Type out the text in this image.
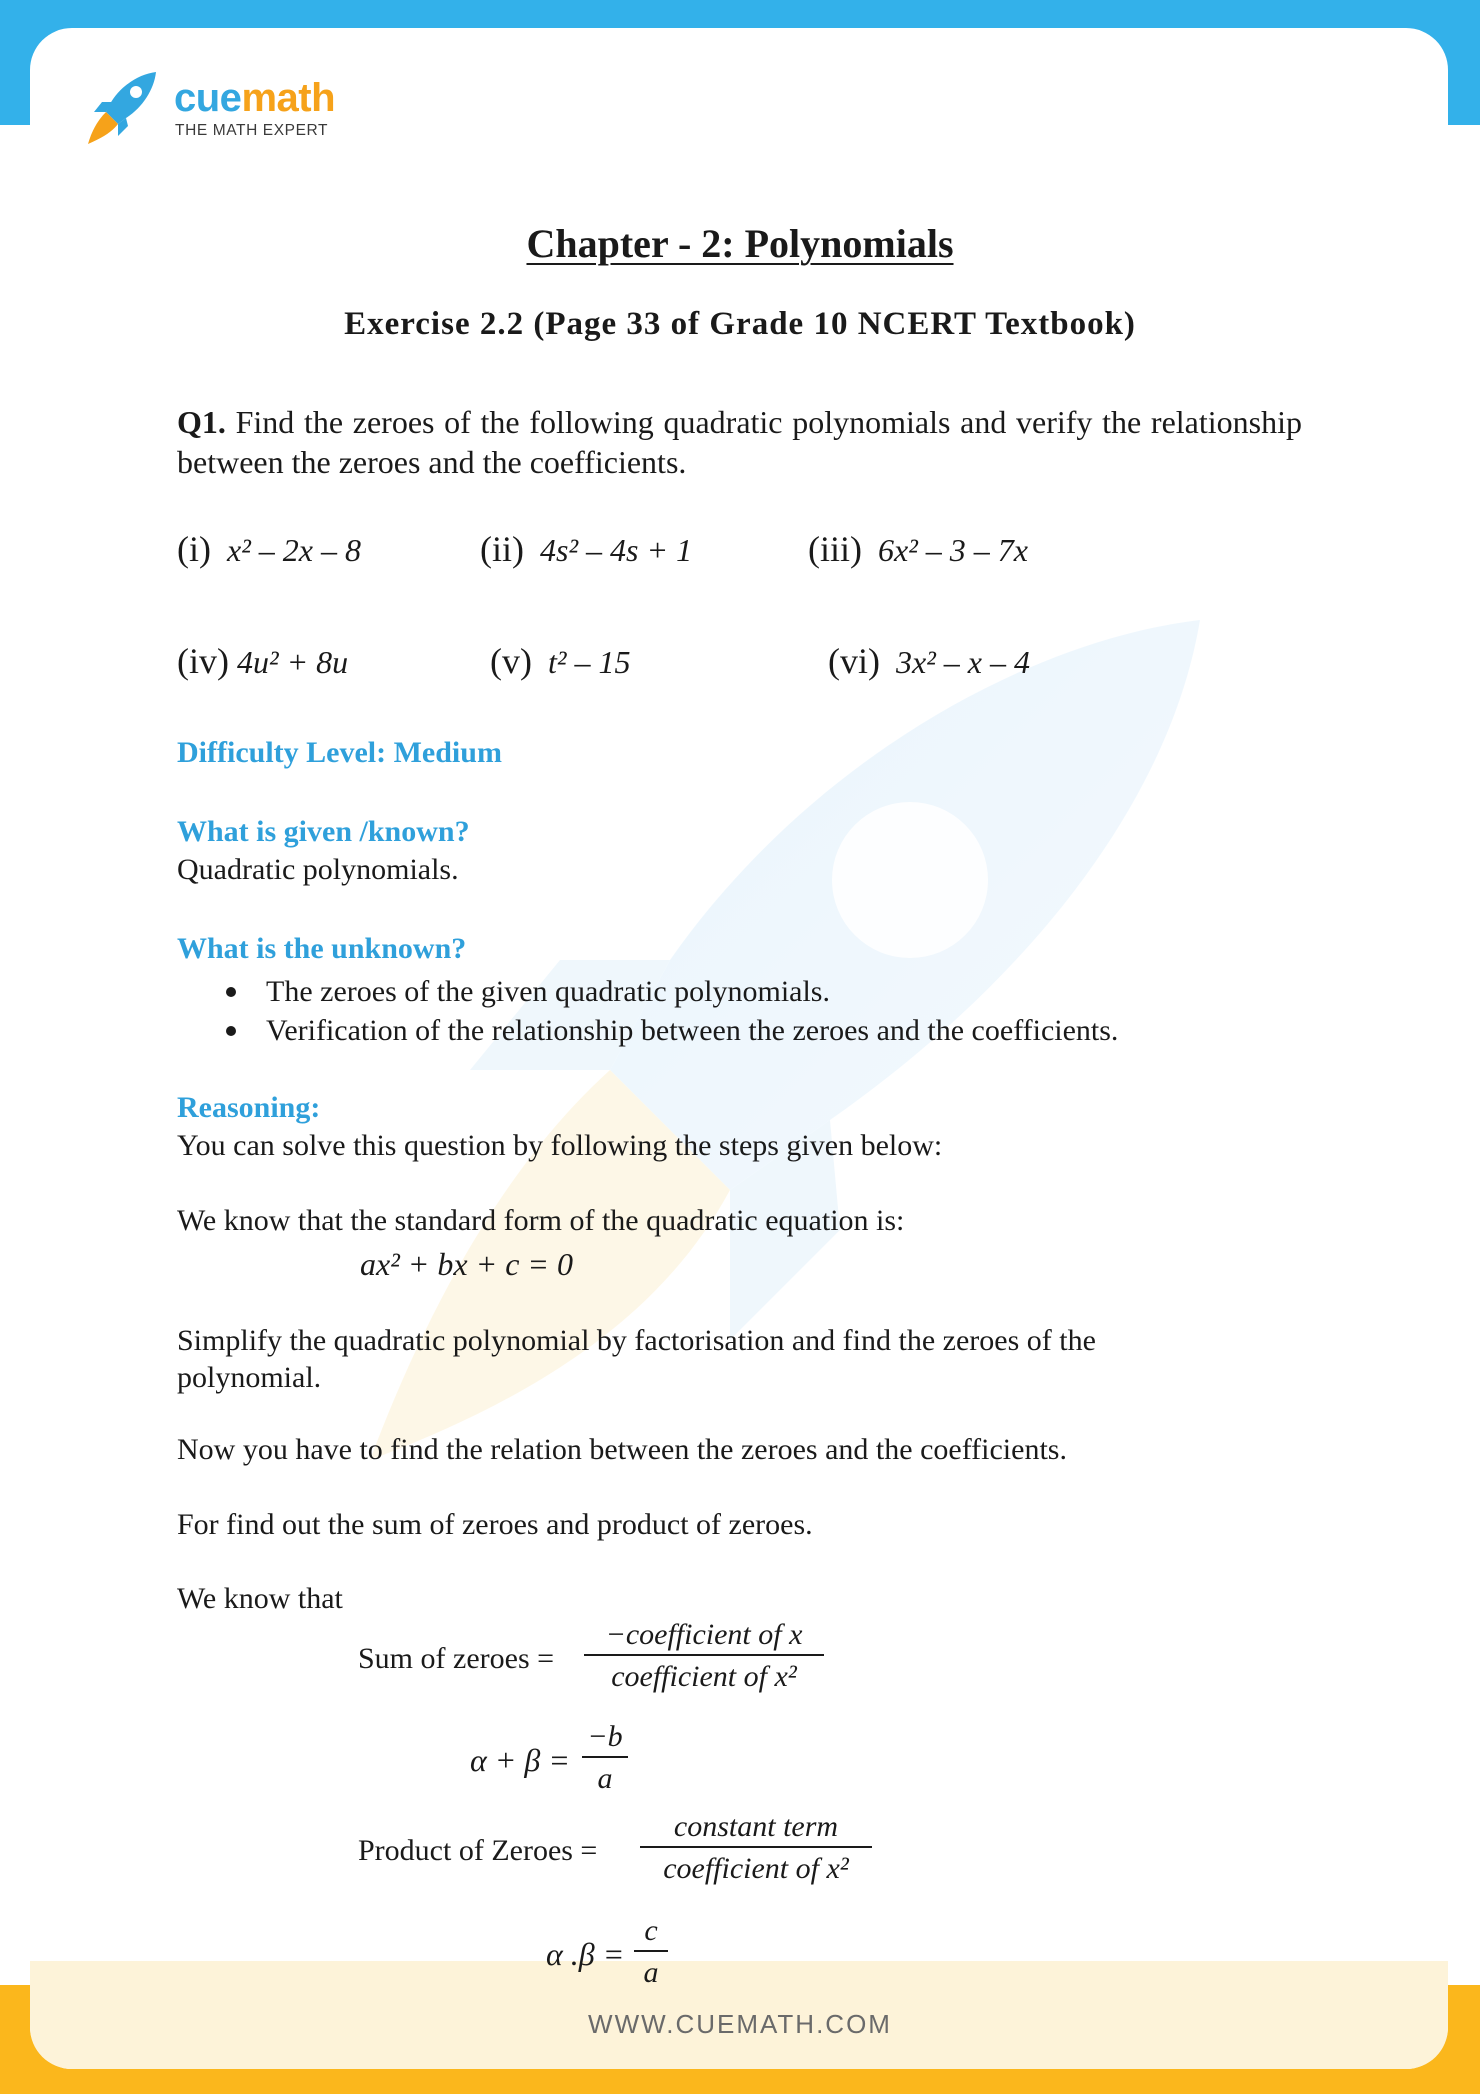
cuemath
THE MATH EXPERT
Chapter - 2: Polynomials
Exercise 2.2 (Page 33 of Grade 10 NCERT Textbook)
Q1. Find the zeroes of the following quadratic polynomials and verify the relationship between the zeroes and the coefficients.
(i) x² – 2x – 8	(ii) 4s² – 4s + 1	(iii) 6x² – 3 – 7x
(iv) 4u² + 8u	(v) t² – 15	(vi) 3x² – x – 4
Difficulty Level: Medium
What is given /known?
Quadratic polynomials.
What is the unknown?
The zeroes of the given quadratic polynomials.
Verification of the relationship between the zeroes and the coefficients.
Reasoning:
You can solve this question by following the steps given below:
We know that the standard form of the quadratic equation is:
ax² + bx + c = 0
Simplify the quadratic polynomial by factorisation and find the zeroes of the
polynomial.
Now you have to find the relation between the zeroes and the coefficients.
For find out the sum of zeroes and product of zeroes.
We know that
Sum of zeroes =
−coefficient of x
coefficient of x²
α + β =
−b
a
Product of Zeroes =
constant term
coefficient of x²
α .β =
c
a
WWW.CUEMATH.COM
